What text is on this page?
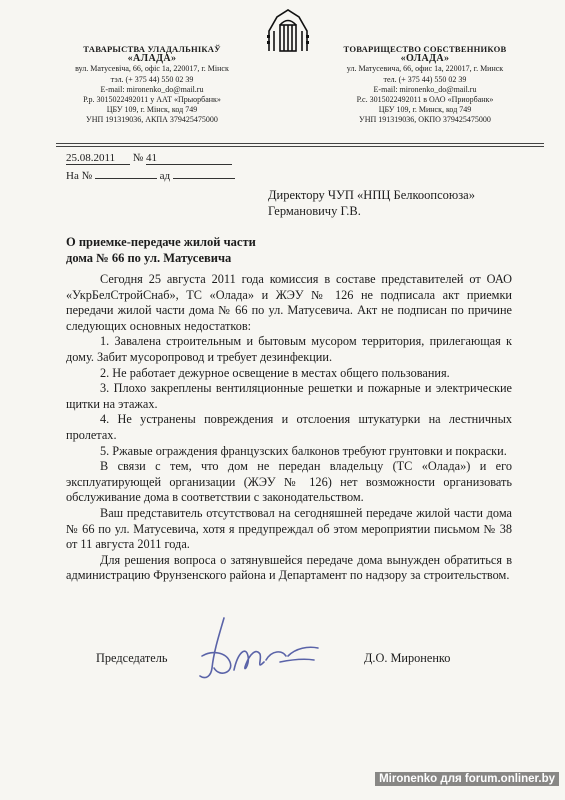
ТАВАРЫСТВА УЛАДАЛЬНІКАЎ
«АЛАДА»
вул. Матусевіча, 66, офіс 1а, 220017, г. Мінск
тэл. (+ 375 44) 550 02 39
E-mail: mironenko_do@mail.ru
Р.р. 3015022492011 у ААТ «Прыорбанк»
ЦБУ 109, г. Мінск, код 749
УНП 191319036, АКПА 379425475000
ТОВАРИЩЕСТВО СОБСТВЕННИКОВ
«ОЛАДА»
ул. Матусевича, 66, офис 1а, 220017, г. Минск
тел. (+ 375 44) 550 02 39
E-mail: mironenko_do@mail.ru
Р.с. 3015022492011 в ОАО «Приорбанк»
ЦБУ 109, г. Минск, код 749
УНП 191319036, ОКПО 379425475000
25.08.2011 № 41
На №	ад
Директору ЧУП «НПЦ Белкоопсоюза»
Германовичу Г.В.
О приемке-передаче жилой части
дома № 66 по ул. Матусевича

Сегодня 25 августа 2011 года комиссия в составе представителей от ОАО «УкрБелСтройСнаб», ТС «Олада» и ЖЭУ № 126 не подписала акт приемки передачи жилой части дома № 66 по ул. Матусевича. Акт не подписан по причине следующих основных недостатков:

1. Завалена строительным и бытовым мусором территория, прилегающая к дому. Забит мусоропровод и требует дезинфекции.

2. Не работает дежурное освещение в местах общего пользования.

3. Плохо закреплены вентиляционные решетки и пожарные и электрические щитки на этажах.

4. Не устранены повреждения и отслоения штукатурки на лестничных пролетах.

5. Ржавые ограждения французских балконов требуют грунтовки и покраски.

В связи с тем, что дом не передан владельцу (ТС «Олада») и его эксплуатирующей организации (ЖЭУ № 126) нет возможности организовать обслуживание дома в соответствии с законодательством.

Ваш представитель отсутствовал на сегодняшней передаче жилой части дома № 66 по ул. Матусевича, хотя я предупреждал об этом мероприятии письмом № 38 от 11 августа 2011 года.

Для решения вопроса о затянувшейся передаче дома вынужден обратиться в администрацию Фрунзенского района и Департамент по надзору за строительством.

Председатель	Д.О. Мироненко
Mironenko для forum.onliner.by
